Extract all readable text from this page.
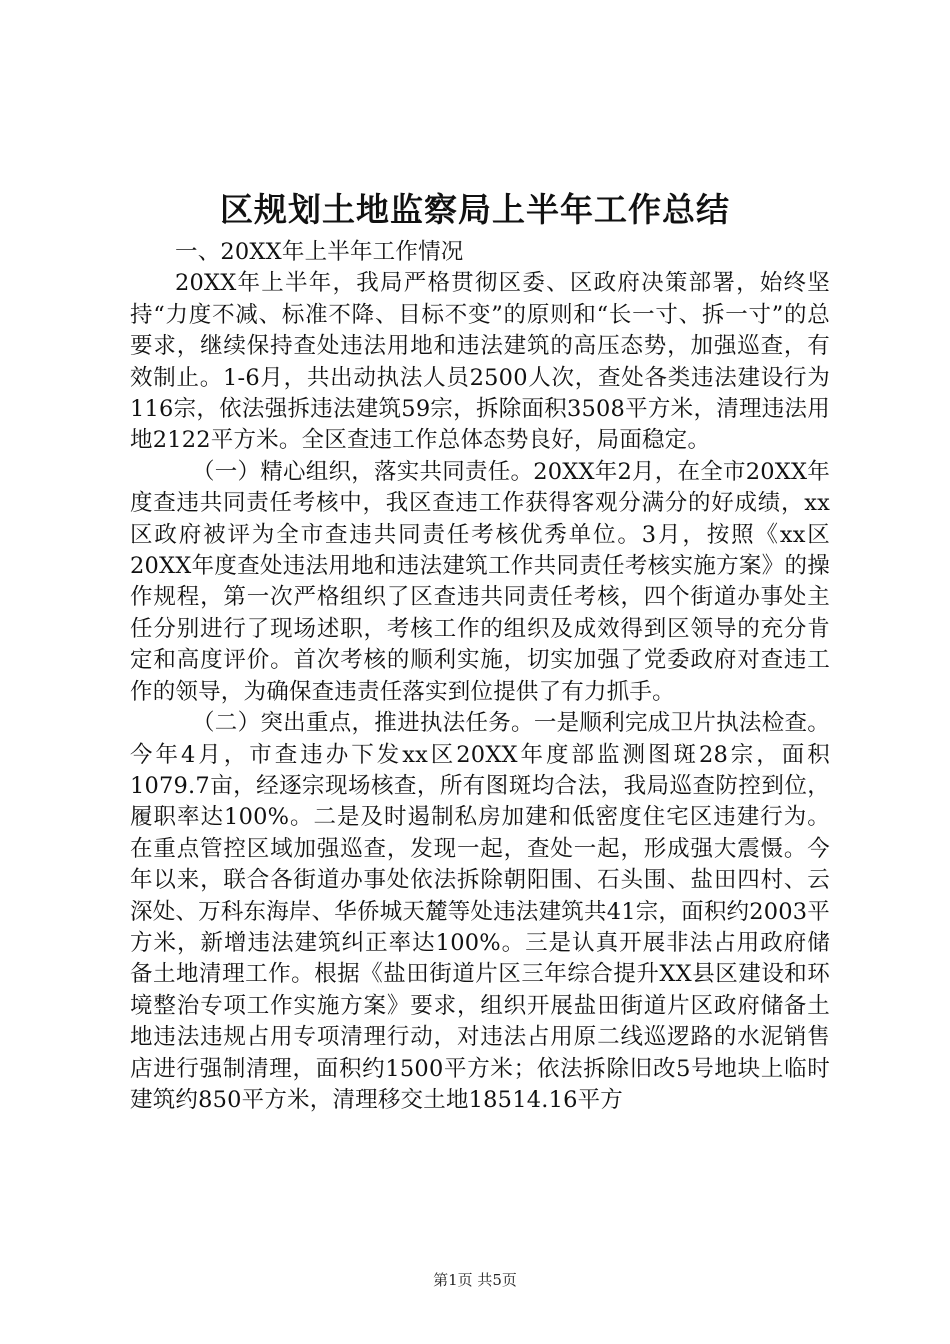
区规划土地监察局上半年工作总结

一、20XX年上半年工作情况

20XX年上半年，我局严格贯彻区委、区政府决策部署，始终坚持“力度不减、标准不降、目标不变”的原则和“长一寸、拆一寸”的总要求，继续保持查处违法用地和违法建筑的高压态势，加强巡查，有效制止。1-6月，共出动执法人员2500人次，查处各类违法建设行为116宗，依法强拆违法建筑59宗，拆除面积3508平方米，清理违法用地2122平方米。全区查违工作总体态势良好，局面稳定。

（一）精心组织，落实共同责任。20XX年2月，在全市20XX年度查违共同责任考核中，我区查违工作获得客观分满分的好成绩，xx区政府被评为全市查违共同责任考核优秀单位。3月，按照《xx区20XX年度查处违法用地和违法建筑工作共同责任考核实施方案》的操作规程，第一次严格组织了区查违共同责任考核，四个街道办事处主任分别进行了现场述职，考核工作的组织及成效得到区领导的充分肯定和高度评价。首次考核的顺利实施，切实加强了党委政府对查违工作的领导，为确保查违责任落实到位提供了有力抓手。

（二）突出重点，推进执法任务。一是顺利完成卫片执法检查。今年4月，市查违办下发xx区20XX年度部监测图斑28宗，面积1079.7亩，经逐宗现场核查，所有图斑均合法，我局巡查防控到位，履职率达100%。二是及时遏制私房加建和低密度住宅区违建行为。在重点管控区域加强巡查，发现一起，查处一起，形成强大震慑。今年以来，联合各街道办事处依法拆除朝阳围、石头围、盐田四村、云深处、万科东海岸、华侨城天麓等处违法建筑共41宗，面积约2003平方米，新增违法建筑纠正率达100%。三是认真开展非法占用政府储备土地清理工作。根据《盐田街道片区三年综合提升XX县区建设和环境整治专项工作实施方案》要求，组织开展盐田街道片区政府储备土地违法违规占用专项清理行动，对违法占用原二线巡逻路的水泥销售店进行强制清理，面积约1500平方米；依法拆除旧改5号地块上临时建筑约850平方米，清理移交土地18514.16平方

第1页 共5页
